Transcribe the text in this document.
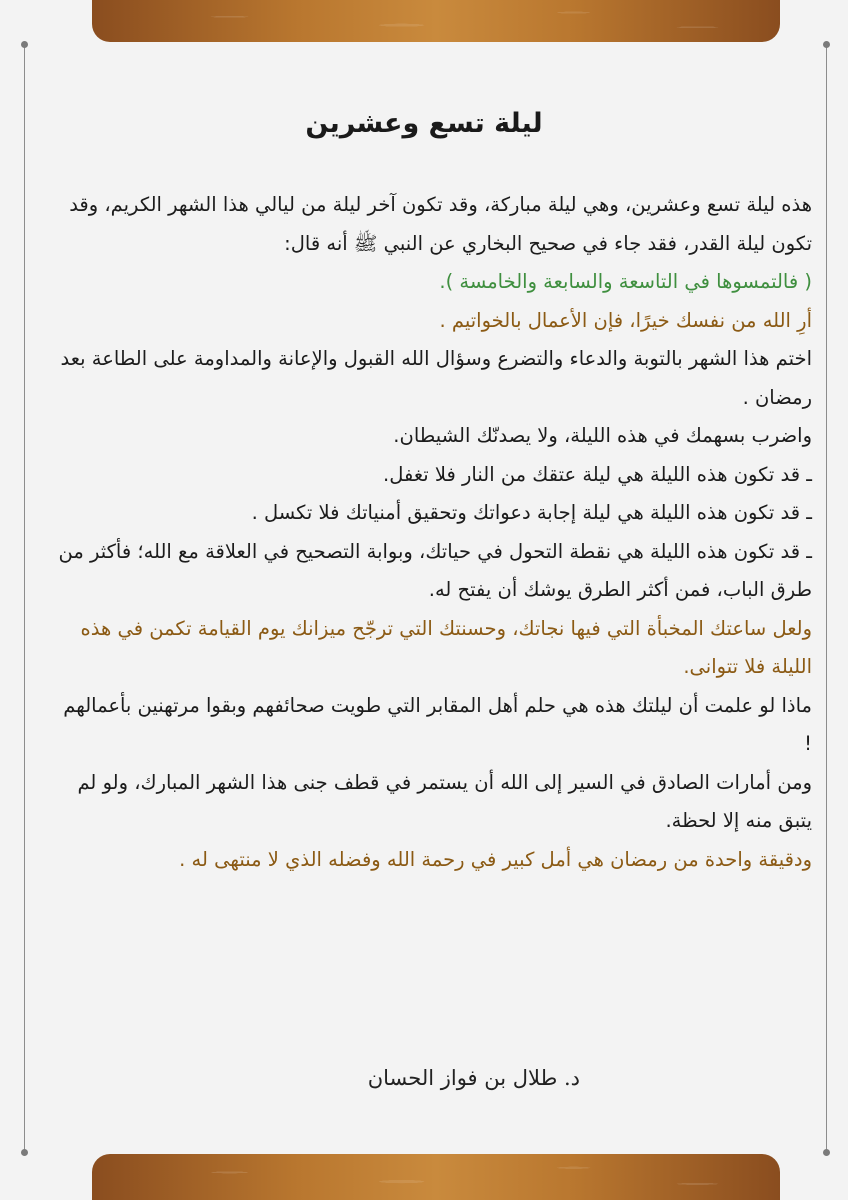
ليلة تسع وعشرين

هذه ليلة تسع وعشرين، وهي ليلة مباركة، وقد تكون آخر ليلة من ليالي هذا الشهر الكريم، وقد تكون ليلة القدر، فقد جاء في صحيح البخاري عن النبي ﷺ أنه قال:

( فالتمسوها في التاسعة والسابعة والخامسة ).

أرِ الله من نفسك خيرًا، فإن الأعمال بالخواتيم .

اختم هذا الشهر بالتوبة والدعاء والتضرع وسؤال الله القبول والإعانة والمداومة على الطاعة بعد رمضان .

واضرب بسهمك في هذه الليلة، ولا يصدنّك الشيطان.

ـ قد تكون هذه الليلة هي ليلة عتقك من النار فلا تغفل.

ـ قد تكون هذه الليلة هي ليلة إجابة دعواتك وتحقيق أمنياتك فلا تكسل .

ـ قد تكون هذه الليلة هي نقطة التحول في حياتك، وبوابة التصحيح في العلاقة مع الله؛ فأكثر من طرق الباب، فمن أكثر الطرق يوشك أن يفتح له.

ولعل ساعتك المخبأة التي فيها نجاتك، وحسنتك التي ترجّح ميزانك يوم القيامة تكمن في هذه الليلة فلا تتوانى.

ماذا لو علمت أن ليلتك هذه هي حلم أهل المقابر التي طويت صحائفهم وبقوا مرتهنين بأعمالهم !

ومن أمارات الصادق في السير إلى الله أن يستمر في قطف جنى هذا الشهر المبارك، ولو لم يتبق منه إلا لحظة.

ودقيقة واحدة من رمضان هي أمل كبير في رحمة الله وفضله الذي لا منتهى له .

د. طلال بن فواز الحسان
